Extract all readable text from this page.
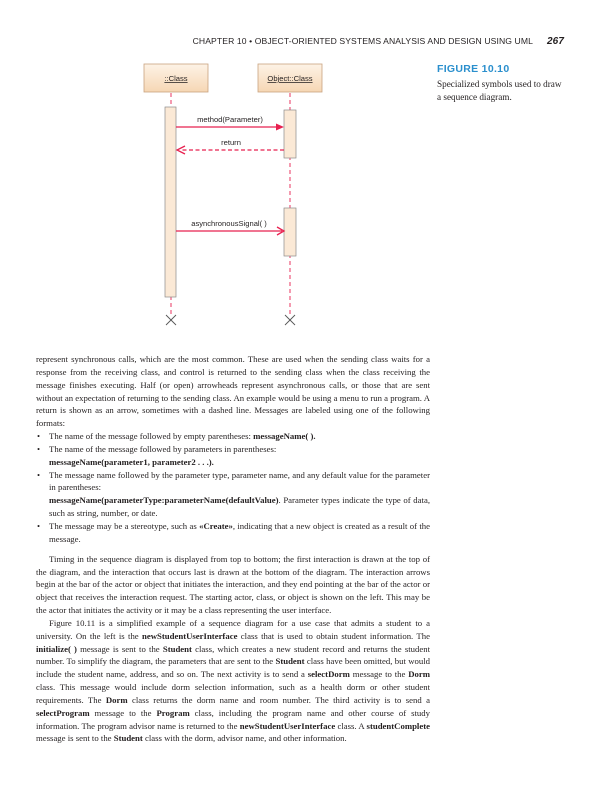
CHAPTER 10 • OBJECT-ORIENTED SYSTEMS ANALYSIS AND DESIGN USING UML 267
FIGURE 10.10
Specialized symbols used to draw a sequence diagram.
::Class	Object::Class
method(Parameter)
return
asynchronousSignal( )

represent synchronous calls, which are the most common. These are used when the sending class waits for a response from the receiving class, and control is returned to the sending class when the class receiving the message finishes executing. Half (or open) arrowheads represent asynchronous calls, or those that are sent without an expectation of returning to the sending class. An example would be using a menu to run a program. A return is shown as an arrow, sometimes with a dashed line. Messages are labeled using one of the following formats:

• The name of the message followed by empty parentheses: messageName( ).
• The name of the message followed by parameters in parentheses:
messageName(parameter1, parameter2 . . .).
• The message name followed by the parameter type, parameter name, and any default value for the parameter in parentheses:
messageName(parameterType:parameterName(defaultValue). Parameter types indicate the type of data, such as string, number, or date.
• The message may be a stereotype, such as «Create», indicating that a new object is created as a result of the message.

Timing in the sequence diagram is displayed from top to bottom; the first interaction is drawn at the top of the diagram, and the interaction that occurs last is drawn at the bottom of the diagram. The interaction arrows begin at the bar of the actor or object that initiates the interaction, and they end pointing at the bar of the actor or object that receives the interaction request. The starting actor, class, or object is shown on the left. This may be the actor that initiates the activity or it may be a class representing the user interface.

Figure 10.11 is a simplified example of a sequence diagram for a use case that admits a student to a university. On the left is the newStudentUserInterface class that is used to obtain student information. The initialize( ) message is sent to the Student class, which creates a new student record and returns the student number. To simplify the diagram, the parameters that are sent to the Student class have been omitted, but would include the student name, address, and so on. The next activity is to send a selectDorm message to the Dorm class. This message would include dorm selection information, such as a health dorm or other student requirements. The Dorm class returns the dorm name and room number. The third activity is to send a selectProgram message to the Program class, including the program name and other course of study information. The program advisor name is returned to the newStudentUserInterface class. A studentComplete message is sent to the Student class with the dorm, advisor name, and other information.
